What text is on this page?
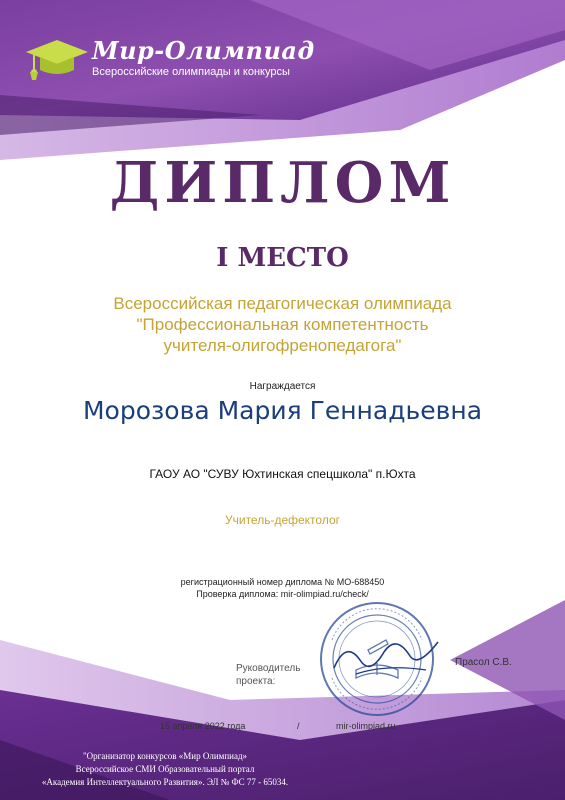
Мир-Олимпиад
Всероссийские олимпиады и конкурсы
ДИПЛОМ
I МЕСТО
Всероссийская педагогическая олимпиада
"Профессиональная компетентность
учителя-олигофренопедагога"
Награждается
Морозова Мария Геннадьевна
ГАОУ АО "СУВУ Юхтинская спецшкола" п.Юхта
Учитель-дефектолог
регистрационный номер диплома № МО-688450
Проверка диплома: mir-olimpiad.ru/check/
Руководитель
проекта:
Прасол С.В.
15 апреля 2022 года	/	mir-olimpiad.ru
"Организатор конкурсов «Мир Олимпиад»
Всероссийское СМИ Образовательный портал
«Академия Интеллектуального Развития». ЭЛ № ФС 77 - 65034.
